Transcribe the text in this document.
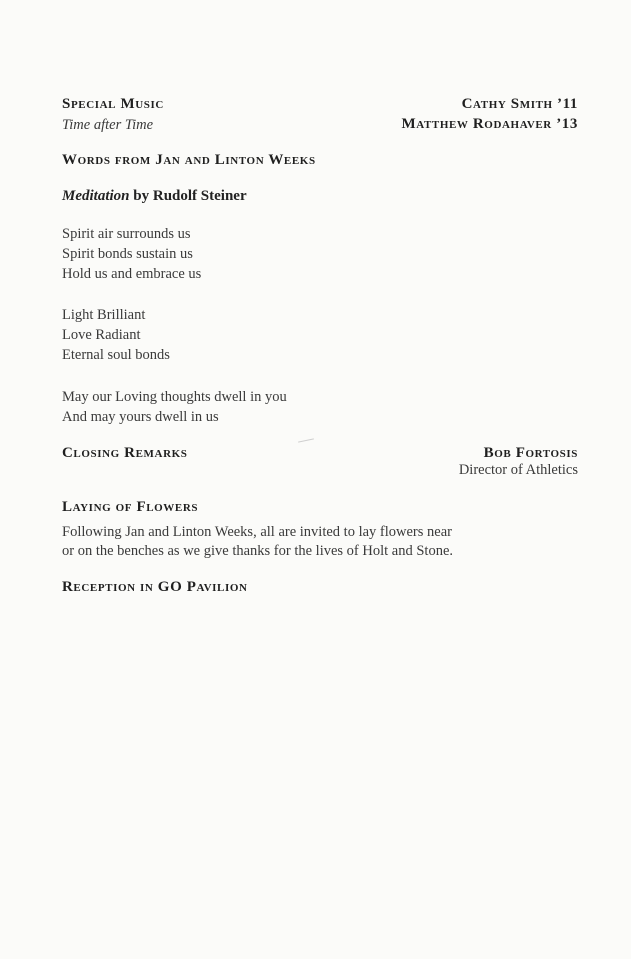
Special Music
Time after Time
Cathy Smith ’11
Matthew Rodahaver ’13
Words from Jan and Linton Weeks
Meditation by Rudolf Steiner
Spirit air surrounds us
Spirit bonds sustain us
Hold us and embrace us
Light Brilliant
Love Radiant
Eternal soul bonds
May our Loving thoughts dwell in you
And may yours dwell in us
Closing Remarks	Bob Fortosis
Director of Athletics
Laying of Flowers
Following Jan and Linton Weeks, all are invited to lay flowers near
or on the benches as we give thanks for the lives of Holt and Stone.
Reception in GO Pavilion
